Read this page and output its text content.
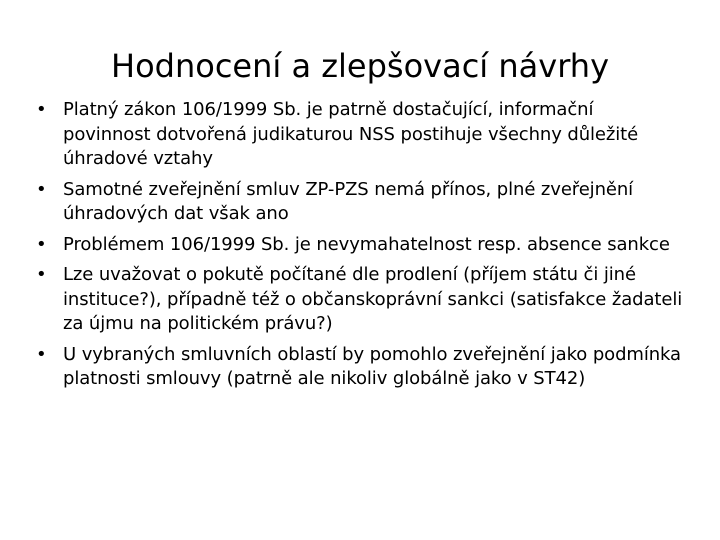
Hodnocení a zlepšovací návrhy
• Platný zákon 106/1999 Sb. je patrně dostačující, informační povinnost dotvořená judikaturou NSS postihuje všechny důležité úhradové vztahy
• Samotné zveřejnění smluv ZP-PZS nemá přínos, plné zveřejnění úhradových dat však ano
• Problémem 106/1999 Sb. je nevymahatelnost resp. absence sankce
• Lze uvažovat o pokutě počítané dle prodlení (příjem státu či jiné instituce?), případně též o občanskoprávní sankci (satisfakce žadateli za újmu na politickém právu?)
• U vybraných smluvních oblastí by pomohlo zveřejnění jako podmínka platnosti smlouvy (patrně ale nikoliv globálně jako v ST42)
